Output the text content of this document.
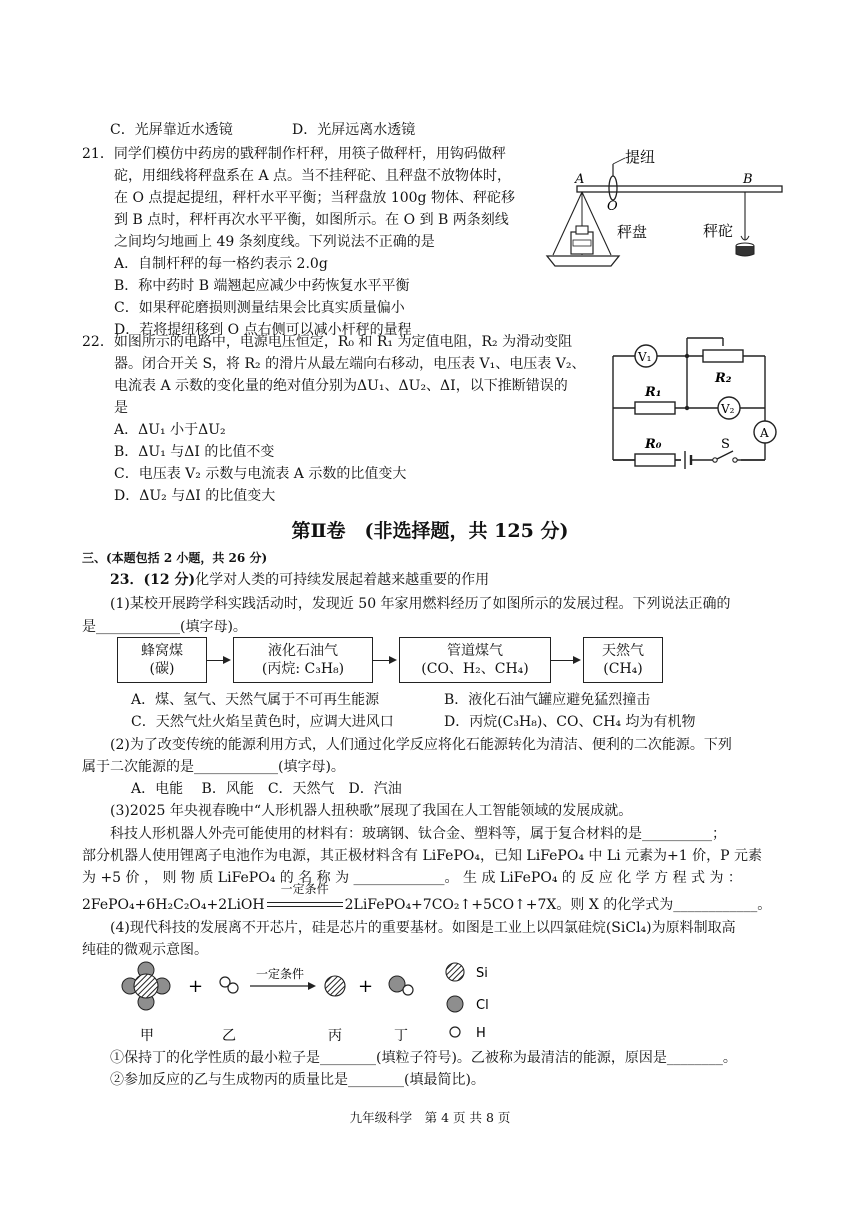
C．光屏靠近水透镜	D．光屏远离水透镜
21．同学们模仿中药房的戥秤制作杆秤，用筷子做秤杆，用钩码做秤
砣，用细线将秤盘系在 A 点。当不挂秤砣、且秤盘不放物体时，
在 O 点提起提纽，秤杆水平平衡；当秤盘放 100g 物体、秤砣移
到 B 点时，秤杆再次水平平衡，如图所示。在 O 到 B 两条刻线
之间均匀地画上 49 条刻度线。下列说法不正确的是
A．自制杆秤的每一格约表示 2.0g
B．称中药时 B 端翘起应减少中药恢复水平平衡
C．如果秤砣磨损则测量结果会比真实质量偏小
D．若将提纽移到 O 点右侧可以减小杆秤的量程
提纽
A
O
B
秤盘	秤砣
22．如图所示的电路中，电源电压恒定，R₀ 和 R₁ 为定值电阻，R₂ 为滑动变阻
器。闭合开关 S，将 R₂ 的滑片从最左端向右移动，电压表 V₁、电压表 V₂、
电流表 A 示数的变化量的绝对值分别为ΔU₁、ΔU₂、ΔI，以下推断错误的
是
A．ΔU₁ 小于ΔU₂
B．ΔU₁ 与ΔI 的比值不变
C．电压表 V₂ 示数与电流表 A 示数的比值变大
D．ΔU₂ 与ΔI 的比值变大
V₁
V₂
A
R₁
R₂
R₀	S
第Ⅱ卷　(非选择题，共 125 分)
三、(本题包括 2 小题，共 26 分)
23．(12 分)化学对人类的可持续发展起着越来越重要的作用
(1)某校开展跨学科实践活动时，发现近 50 年家用燃料经历了如图所示的发展过程。下列说法正确的
是____________(填字母)。
蜂窝煤
(碳)
液化石油气
(丙烷: C₃H₈)
管道煤气
(CO、H₂、CH₄)
天然气
(CH₄)
A．煤、氢气、天然气属于不可再生能源	B．液化石油气罐应避免猛烈撞击
C．天然气灶火焰呈黄色时，应调大进风口	D．丙烷(C₃H₈)、CO、CH₄ 均为有机物
(2)为了改变传统的能源利用方式，人们通过化学反应将化石能源转化为清洁、便利的二次能源。下列
属于二次能源的是____________(填字母)。
A．电能　 B．风能　C．天然气　D．汽油
(3)2025 年央视春晚中“人形机器人扭秧歌”展现了我国在人工智能领域的发展成就。
科技人形机器人外壳可能使用的材料有：玻璃钢、钛合金、塑料等，属于复合材料的是__________；
部分机器人使用锂离子电池作为电源，其正极材料含有 LiFePO₄，已知 LiFePO₄ 中 Li 元素为+1 价，P 元素
为 +5 价 ， 则 物 质 LiFePO₄ 的 名 称 为 _____________。 生 成 LiFePO₄ 的 反 应 化 学 方 程 式 为 ：
2FePO₄+6H₂C₂O₄+2LiOH
一定条件
2LiFePO₄+7CO₂↑+5CO↑+7X。则 X 的化学式为____________。
(4)现代科技的发展离不开芯片，硅是芯片的重要基材。如图是工业上以四氯硅烷(SiCl₄)为原料制取高
纯硅的微观示意图。
+
一定条件
+
甲	乙	丙	丁
Si
Cl
H
①保持丁的化学性质的最小粒子是________(填粒子符号)。乙被称为最清洁的能源，原因是________。
②参加反应的乙与生成物丙的质量比是________(填最简比)。
九年级科学　第 4 页 共 8 页
